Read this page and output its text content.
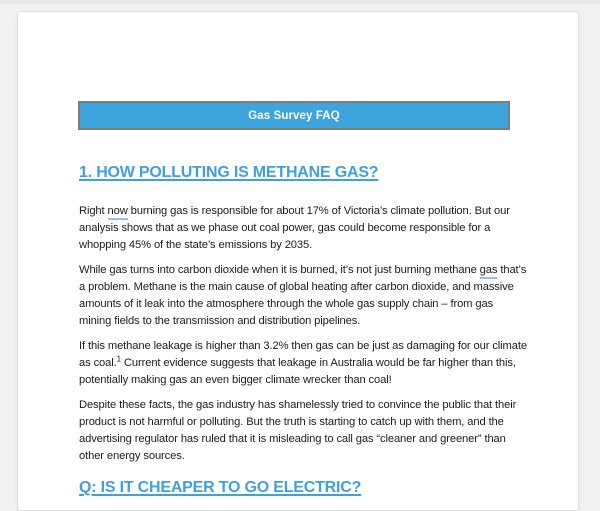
Gas Survey FAQ
1. HOW POLLUTING IS METHANE GAS?

Right now burning gas is responsible for about 17% of Victoria’s climate pollution. But our analysis shows that as we phase out coal power, gas could become responsible for a whopping 45% of the state’s emissions by 2035.

While gas turns into carbon dioxide when it is burned, it’s not just burning methane gas that’s a problem. Methane is the main cause of global heating after carbon dioxide, and massive amounts of it leak into the atmosphere through the whole gas supply chain – from gas mining fields to the transmission and distribution pipelines.

If this methane leakage is higher than 3.2% then gas can be just as damaging for our climate as coal.$^1$ Current evidence suggests that leakage in Australia would be far higher than this, potentially making gas an even bigger climate wrecker than coal!

Despite these facts, the gas industry has shamelessly tried to convince the public that their product is not harmful or polluting. But the truth is starting to catch up with them, and the advertising regulator has ruled that it is misleading to call gas “cleaner and greener” than other energy sources.

Q: IS IT CHEAPER TO GO ELECTRIC?
